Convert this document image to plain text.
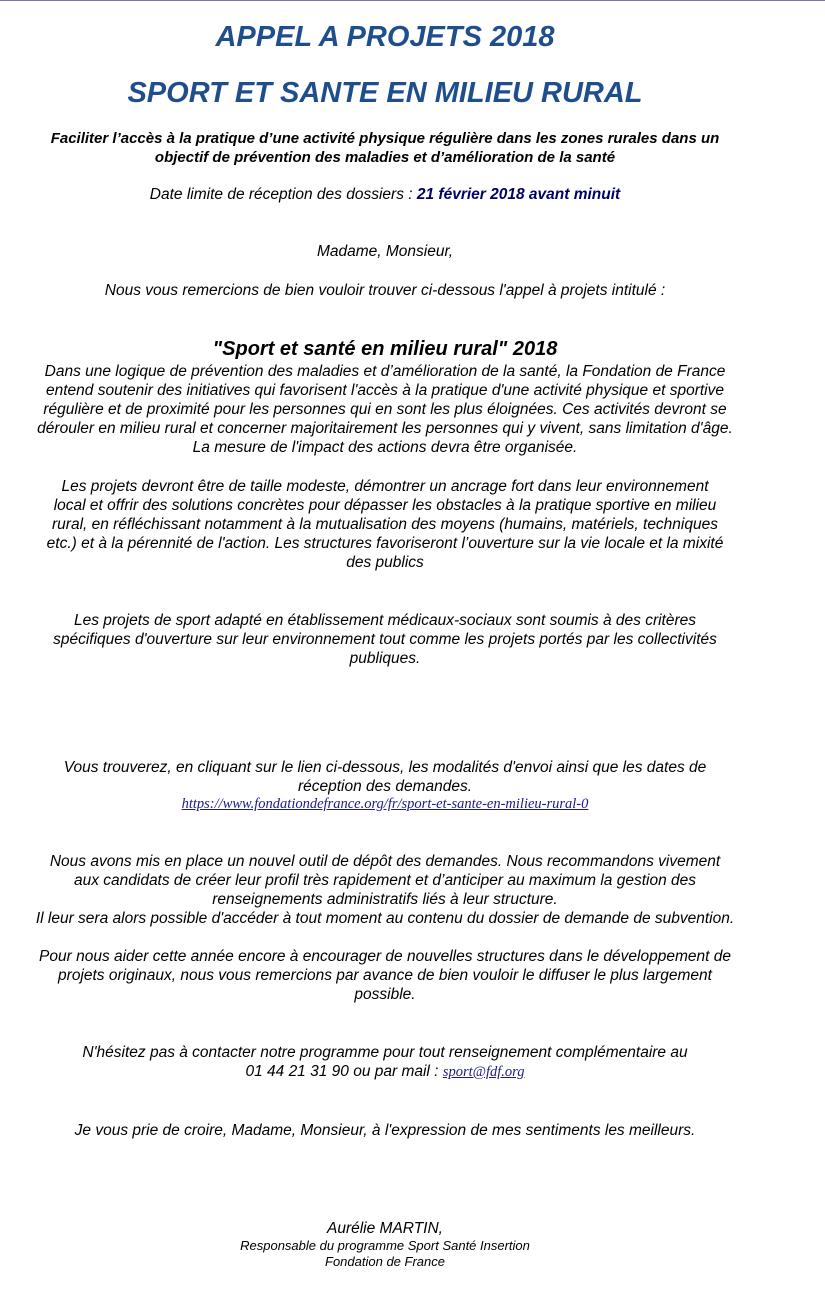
APPEL A PROJETS 2018
SPORT ET SANTE EN MILIEU RURAL
Faciliter l’accès à la pratique d’une activité physique régulière dans les zones rurales dans un
objectif de prévention des maladies et d’amélioration de la santé
Date limite de réception des dossiers : 21 février 2018 avant minuit
Madame, Monsieur,
Nous vous remercions de bien vouloir trouver ci-dessous l'appel à projets intitulé :
"Sport et santé en milieu rural" 2018
Dans une logique de prévention des maladies et d’amélioration de la santé, la Fondation de France
entend soutenir des initiatives qui favorisent l'accès à la pratique d'une activité physique et sportive
régulière et de proximité pour les personnes qui en sont les plus éloignées. Ces activités devront se
dérouler en milieu rural et concerner majoritairement les personnes qui y vivent, sans limitation d'âge.
La mesure de l'impact des actions devra être organisée.
Les projets devront être de taille modeste, démontrer un ancrage fort dans leur environnement
local et offrir des solutions concrètes pour dépasser les obstacles à la pratique sportive en milieu
rural, en réfléchissant notamment à la mutualisation des moyens (humains, matériels, techniques
etc.) et à la pérennité de l'action. Les structures favoriseront l’ouverture sur la vie locale et la mixité
des publics
Les projets de sport adapté en établissement médicaux-sociaux sont soumis à des critères
spécifiques d'ouverture sur leur environnement tout comme les projets portés par les collectivités
publiques.
Vous trouverez, en cliquant sur le lien ci-dessous, les modalités d'envoi ainsi que les dates de
réception des demandes.
https://www.fondationdefrance.org/fr/sport-et-sante-en-milieu-rural-0
Nous avons mis en place un nouvel outil de dépôt des demandes. Nous recommandons vivement
aux candidats de créer leur profil très rapidement et d’anticiper au maximum la gestion des
renseignements administratifs liés à leur structure.
Il leur sera alors possible d'accéder à tout moment au contenu du dossier de demande de subvention.
Pour nous aider cette année encore à encourager de nouvelles structures dans le développement de
projets originaux, nous vous remercions par avance de bien vouloir le diffuser le plus largement
possible.
N'hésitez pas à contacter notre programme pour tout renseignement complémentaire au
01 44 21 31 90 ou par mail : sport@fdf.org
Je vous prie de croire, Madame, Monsieur, à l'expression de mes sentiments les meilleurs.
Aurélie MARTIN,
Responsable du programme Sport Santé Insertion
Fondation de France
